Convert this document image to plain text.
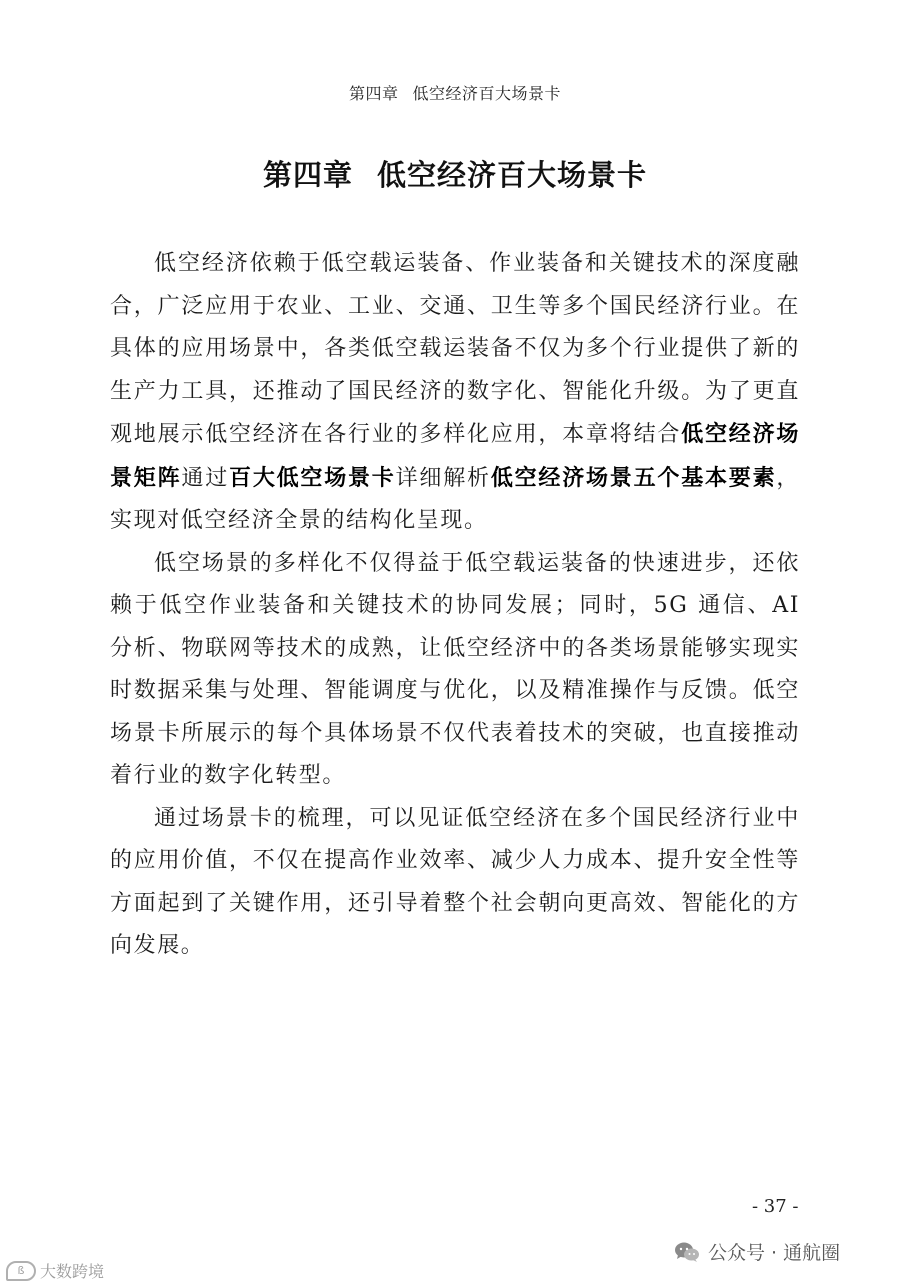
第四章 低空经济百大场景卡
第四章 低空经济百大场景卡

低空经济依赖于低空载运装备、作业装备和关键技术的深度融合，广泛应用于农业、工业、交通、卫生等多个国民经济行业。在具体的应用场景中，各类低空载运装备不仅为多个行业提供了新的生产力工具，还推动了国民经济的数字化、智能化升级。为了更直观地展示低空经济在各行业的多样化应用，本章将结合低空经济场景矩阵通过百大低空场景卡详细解析低空经济场景五个基本要素，实现对低空经济全景的结构化呈现。

低空场景的多样化不仅得益于低空载运装备的快速进步，还依赖于低空作业装备和关键技术的协同发展；同时，5G 通信、AI 分析、物联网等技术的成熟，让低空经济中的各类场景能够实现实时数据采集与处理、智能调度与优化，以及精准操作与反馈。低空场景卡所展示的每个具体场景不仅代表着技术的突破，也直接推动着行业的数字化转型。

通过场景卡的梳理，可以见证低空经济在多个国民经济行业中的应用价值，不仅在提高作业效率、减少人力成本、提升安全性等方面起到了关键作用，还引导着整个社会朝向更高效、智能化的方向发展。

- 37 -
ß 大数跨境
公众号 · 通航圈
